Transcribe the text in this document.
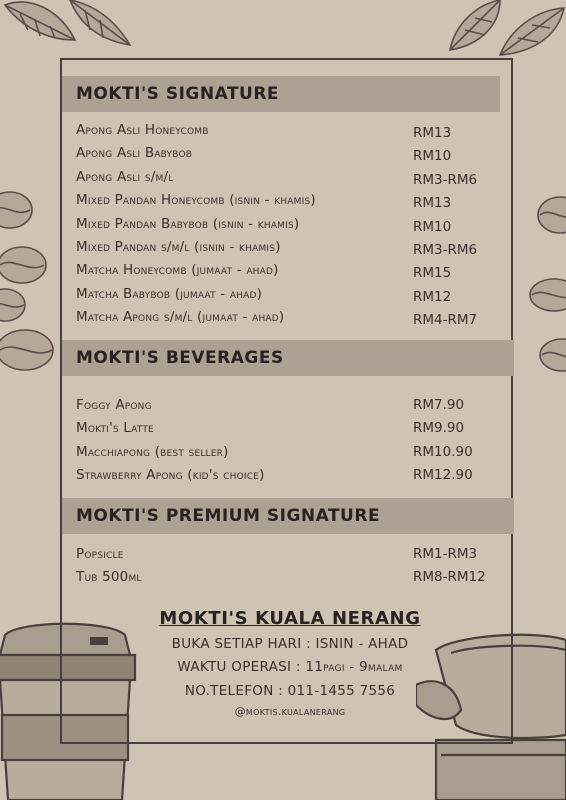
MOKTI'S SIGNATURE
Apong Asli Honeycomb	RM13
Apong Asli Babybob	RM10
Apong Asli s/m/l	RM3-RM6
Mixed Pandan Honeycomb (isnin - khamis)	RM13
Mixed Pandan Babybob (isnin - khamis)	RM10
Mixed Pandan s/m/l (isnin - khamis)	RM3-RM6
Matcha Honeycomb (jumaat - ahad)	RM15
Matcha Babybob (jumaat - ahad)	RM12
Matcha Apong s/m/l (jumaat - ahad)	RM4-RM7
MOKTI'S BEVERAGES
Foggy Apong	RM7.90
Mokti's Latte	RM9.90
Macchiapong (best seller)	RM10.90
Strawberry Apong (kid's choice)	RM12.90
MOKTI'S PREMIUM SIGNATURE
Popsicle	RM1-RM3
Tub 500ml	RM8-RM12

MOKTI'S KUALA NERANG

BUKA SETIAP HARI : ISNIN - AHAD

WAKTU OPERASI : 11pagi - 9malam

NO.TELEFON : 011-1455 7556

@moktis.kualanerang
